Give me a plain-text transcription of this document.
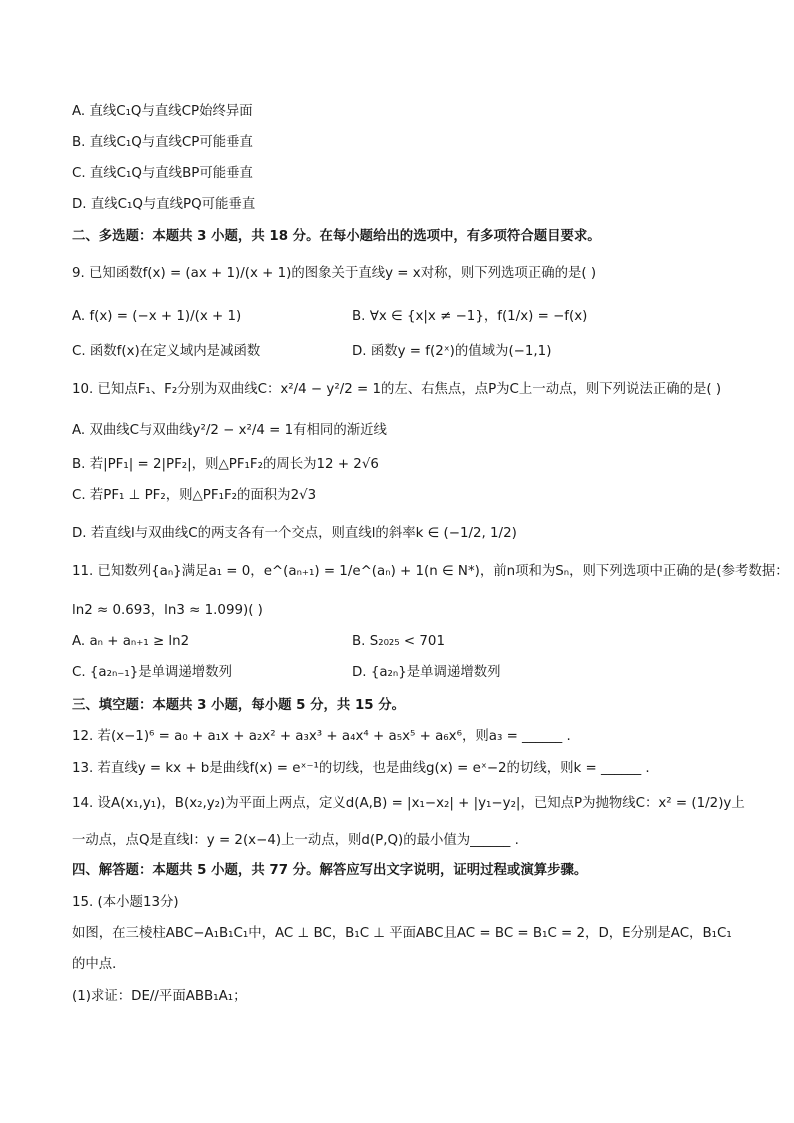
A. 直线C₁Q与直线CP始终异面
B. 直线C₁Q与直线CP可能垂直
C. 直线C₁Q与直线BP可能垂直
D. 直线C₁Q与直线PQ可能垂直
二、多选题：本题共 3 小题，共 18 分。在每小题给出的选项中，有多项符合题目要求。
9. 已知函数f(x) = (ax + 1)/(x + 1)的图象关于直线y = x对称，则下列选项正确的是( )
A. f(x) = (−x + 1)/(x + 1)	B. ∀x ∈ {x|x ≠ −1}，f(1/x) = −f(x)
C. 函数f(x)在定义域内是减函数	D. 函数y = f(2ˣ)的值域为(−1,1)
10. 已知点F₁、F₂分别为双曲线C：x²/4 − y²/2 = 1的左、右焦点，点P为C上一动点，则下列说法正确的是( )
A. 双曲线C与双曲线y²/2 − x²/4 = 1有相同的渐近线
B. 若|PF₁| = 2|PF₂|，则△PF₁F₂的周长为12 + 2√6
C. 若PF₁ ⊥ PF₂，则△PF₁F₂的面积为2√3
D. 若直线l与双曲线C的两支各有一个交点，则直线l的斜率k ∈ (−1/2, 1/2)
11. 已知数列{aₙ}满足a₁ = 0，e^(aₙ₊₁) = 1/e^(aₙ) + 1(n ∈ N*)，前n项和为Sₙ，则下列选项中正确的是(参考数据：
ln2 ≈ 0.693，ln3 ≈ 1.099)( )
A. aₙ + aₙ₊₁ ≥ ln2	B. S₂₀₂₅ < 701
C. {a₂ₙ₋₁}是单调递增数列	D. {a₂ₙ}是单调递增数列
三、填空题：本题共 3 小题，每小题 5 分，共 15 分。
12. 若(x−1)⁶ = a₀ + a₁x + a₂x² + a₃x³ + a₄x⁴ + a₅x⁵ + a₆x⁶，则a₃ = ______ .
13. 若直线y = kx + b是曲线f(x) = eˣ⁻¹的切线，也是曲线g(x) = eˣ−2的切线，则k = ______ .
14. 设A(x₁,y₁)，B(x₂,y₂)为平面上两点，定义d(A,B) = |x₁−x₂| + |y₁−y₂|，已知点P为抛物线C：x² = (1/2)y上
一动点，点Q是直线l：y = 2(x−4)上一动点，则d(P,Q)的最小值为______ .
四、解答题：本题共 5 小题，共 77 分。解答应写出文字说明，证明过程或演算步骤。
15. (本小题13分)
如图，在三棱柱ABC−A₁B₁C₁中，AC ⊥ BC，B₁C ⊥ 平面ABC且AC = BC = B₁C = 2，D，E分别是AC，B₁C₁
的中点．
(1)求证：DE//平面ABB₁A₁；
